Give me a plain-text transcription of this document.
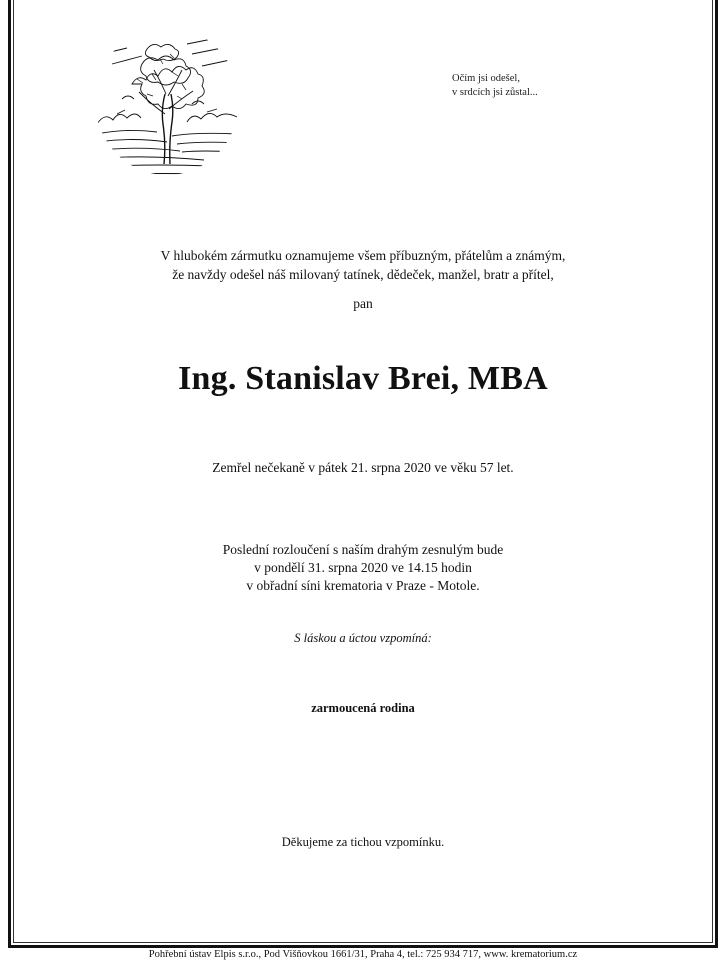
Očím jsi odešel,
v srdcích jsi zůstal...
V hlubokém zármutku oznamujeme všem příbuzným, přátelům a známým,
že navždy odešel náš milovaný tatínek, dědeček, manžel, bratr a přítel,
pan
Ing. Stanislav Brei, MBA
Zemřel nečekaně v pátek 21. srpna 2020 ve věku 57 let.
Poslední rozloučení s naším drahým zesnulým bude
v pondělí 31. srpna 2020 ve 14.15 hodin
v obřadní síni krematoria v Praze - Motole.
S láskou a úctou vzpomíná:
zarmoucená rodina
Děkujeme za tichou vzpomínku.
Pohřební ústav Elpis s.r.o., Pod Višňovkou 1661/31, Praha 4, tel.: 725 934 717, www. krematorium.cz
